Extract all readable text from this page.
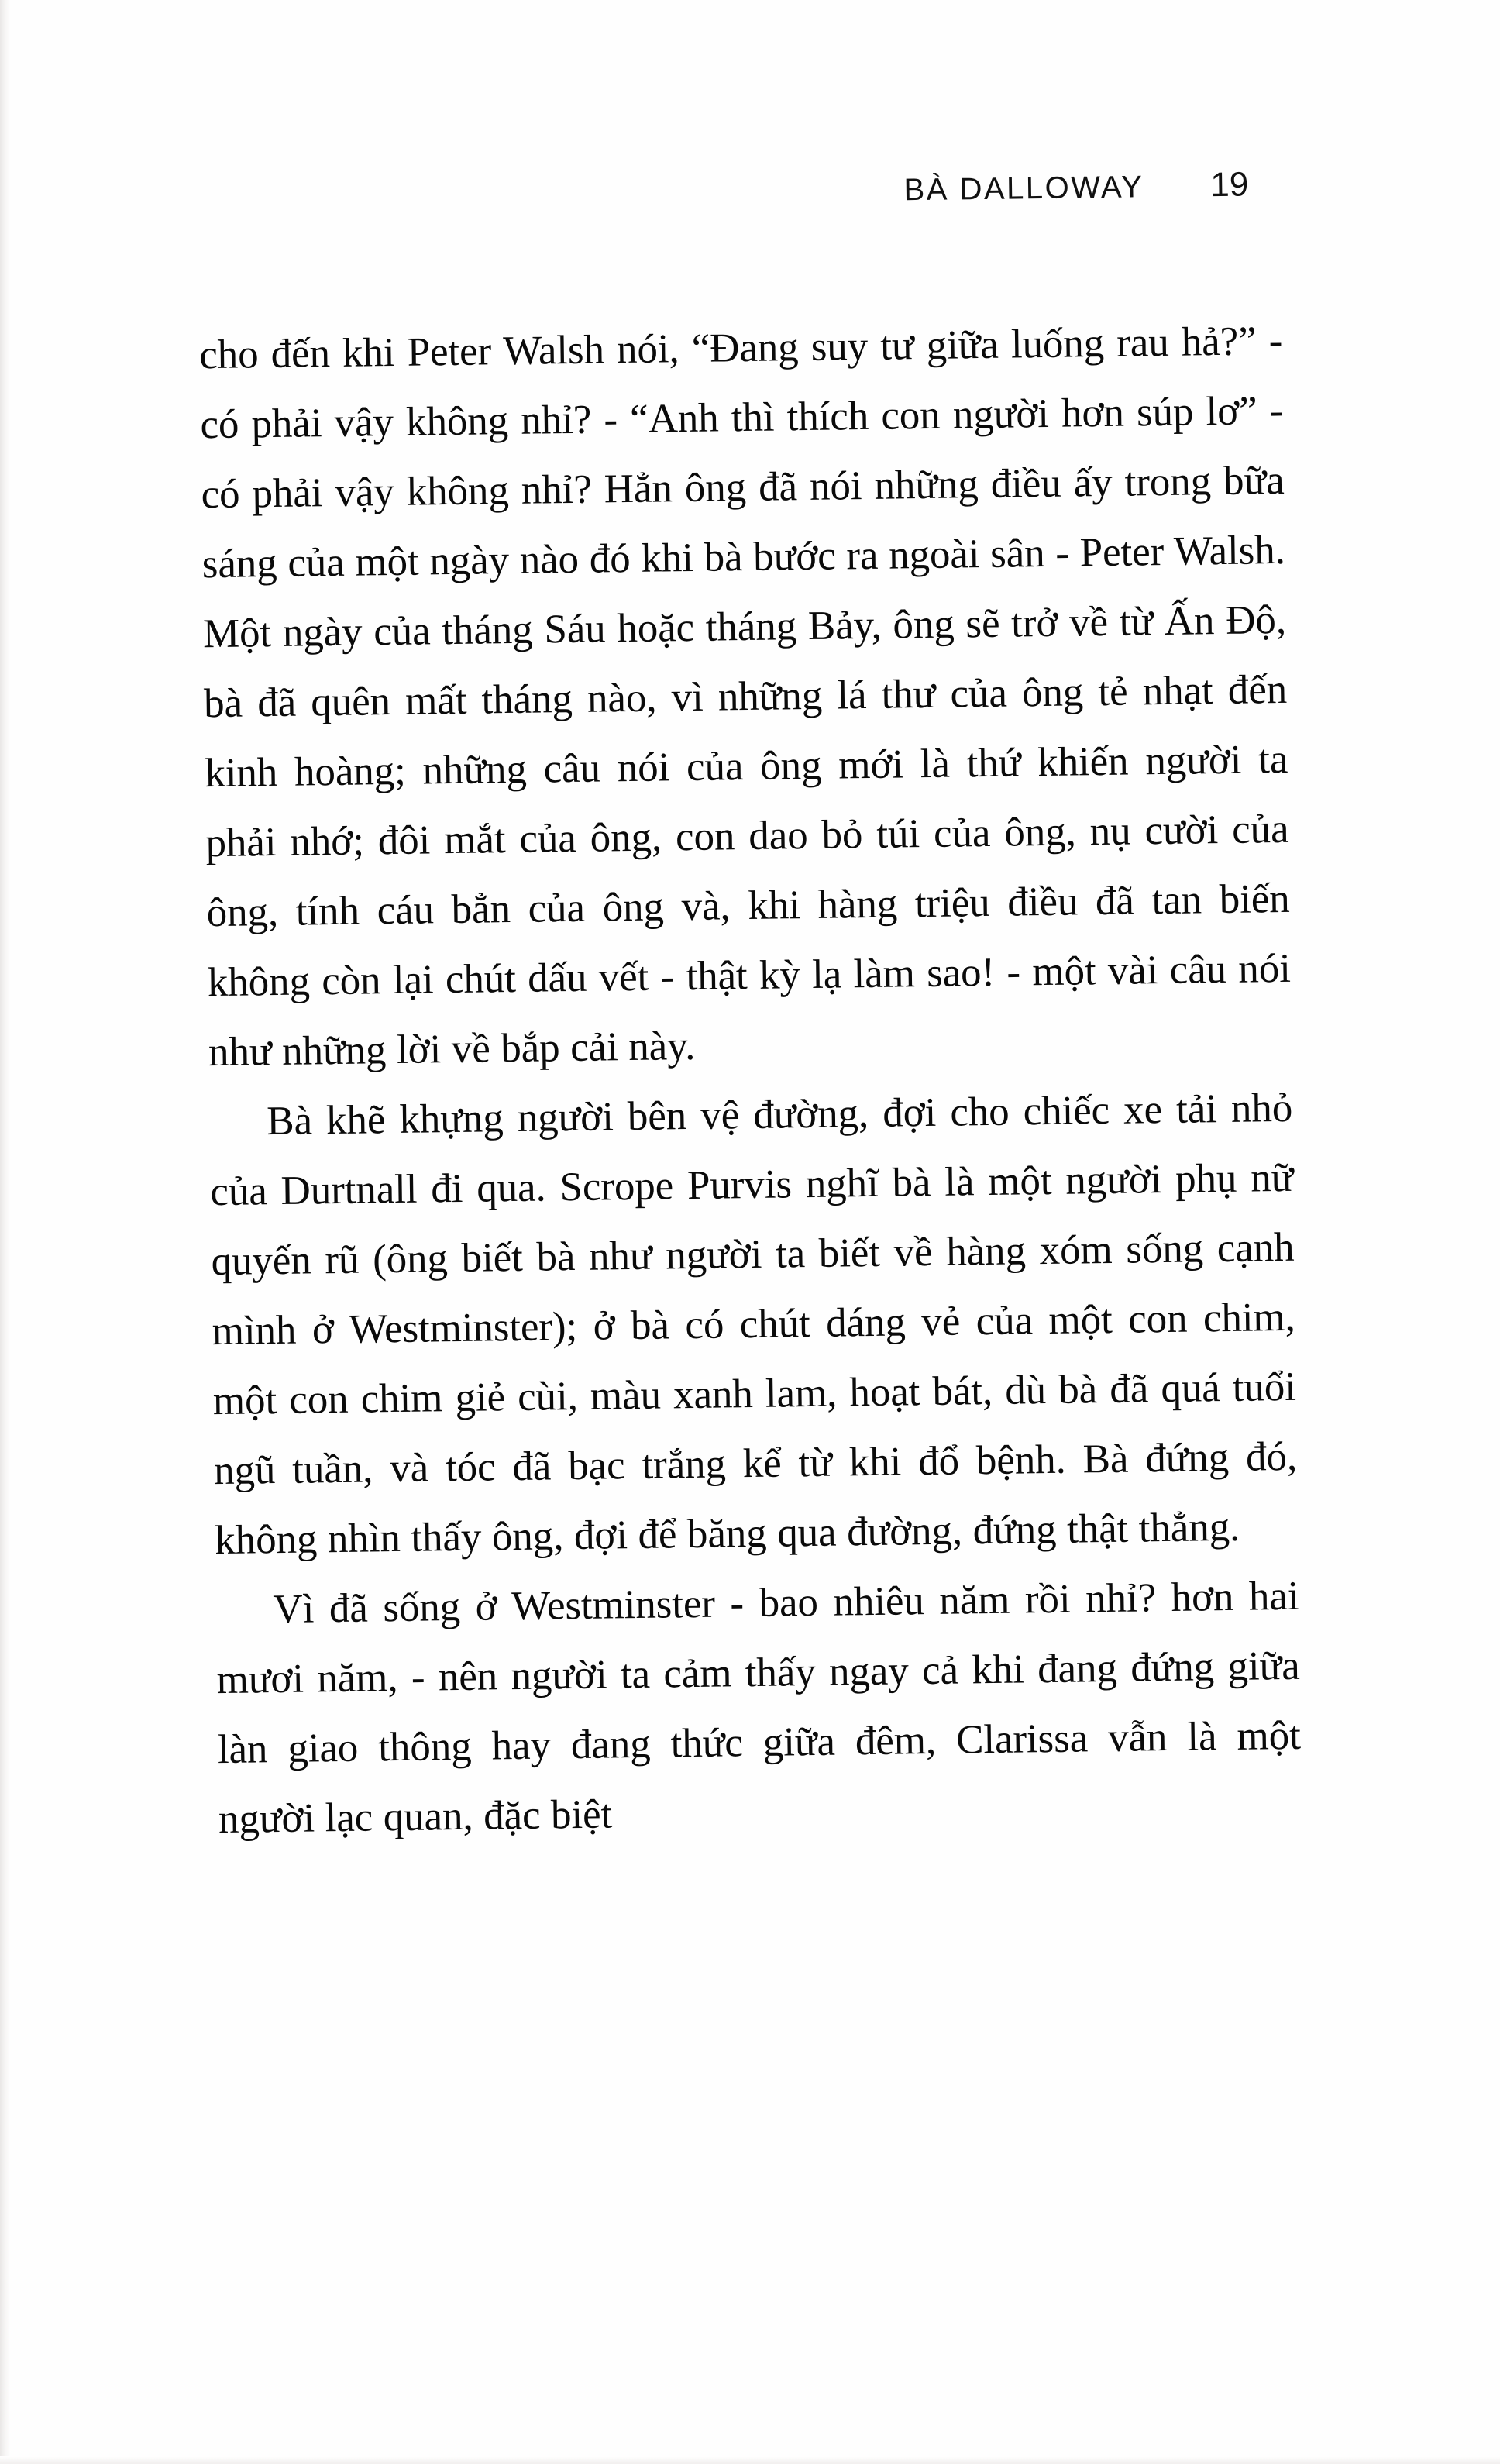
BÀ DALLOWAY 19

cho đến khi Peter Walsh nói, “Đang suy tư giữa luống rau hả?” - có phải vậy không nhỉ? - “Anh thì thích con người hơn súp lơ” - có phải vậy không nhỉ? Hẳn ông đã nói những điều ấy trong bữa sáng của một ngày nào đó khi bà bước ra ngoài sân - Peter Walsh. Một ngày của tháng Sáu hoặc tháng Bảy, ông sẽ trở về từ Ấn Độ, bà đã quên mất tháng nào, vì những lá thư của ông tẻ nhạt đến kinh hoàng; những câu nói của ông mới là thứ khiến người ta phải nhớ; đôi mắt của ông, con dao bỏ túi của ông, nụ cười của ông, tính cáu bẳn của ông và, khi hàng triệu điều đã tan biến không còn lại chút dấu vết - thật kỳ lạ làm sao! - một vài câu nói như những lời về bắp cải này.

Bà khẽ khựng người bên vệ đường, đợi cho chiếc xe tải nhỏ của Durtnall đi qua. Scrope Purvis nghĩ bà là một người phụ nữ quyến rũ (ông biết bà như người ta biết về hàng xóm sống cạnh mình ở Westminster); ở bà có chút dáng vẻ của một con chim, một con chim giẻ cùi, màu xanh lam, hoạt bát, dù bà đã quá tuổi ngũ tuần, và tóc đã bạc trắng kể từ khi đổ bệnh. Bà đứng đó, không nhìn thấy ông, đợi để băng qua đường, đứng thật thẳng.

Vì đã sống ở Westminster - bao nhiêu năm rồi nhỉ? hơn hai mươi năm, - nên người ta cảm thấy ngay cả khi đang đứng giữa làn giao thông hay đang thức giữa đêm, Clarissa vẫn là một người lạc quan, đặc biệt
